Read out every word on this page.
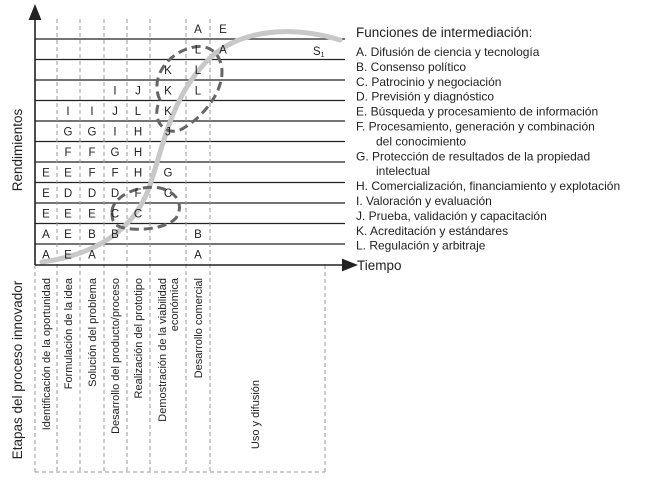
Rendimientos
Tiempo
Etapas del proceso innovador
S1
A E
L A
K L
I J K L
I I J L K
G G I H J
F F G H
E E F F H G
E D D D F C
E E E C C
A E B B	B
A E A	A
Identificación de la oportunidad Formulación de la idea Solución del problema Desarrollo del producto/proceso Realización del prototipo Demostración de la viabilidadeconómica Desarrollo comercial
Uso y difusión
Funciones de intermediación:
A. Difusión de ciencia y tecnología
B. Consenso político
C. Patrocinio y negociación
D. Previsión y diagnóstico
E. Búsqueda y procesamiento de información
F. Procesamiento, generación y combinación
del conocimiento
G. Protección de resultados de la propiedad
intelectual
H. Comercialización, financiamiento y explotación
I. Valoración y evaluación
J. Prueba, validación y capacitación
K. Acreditación y estándares
L. Regulación y arbitraje
